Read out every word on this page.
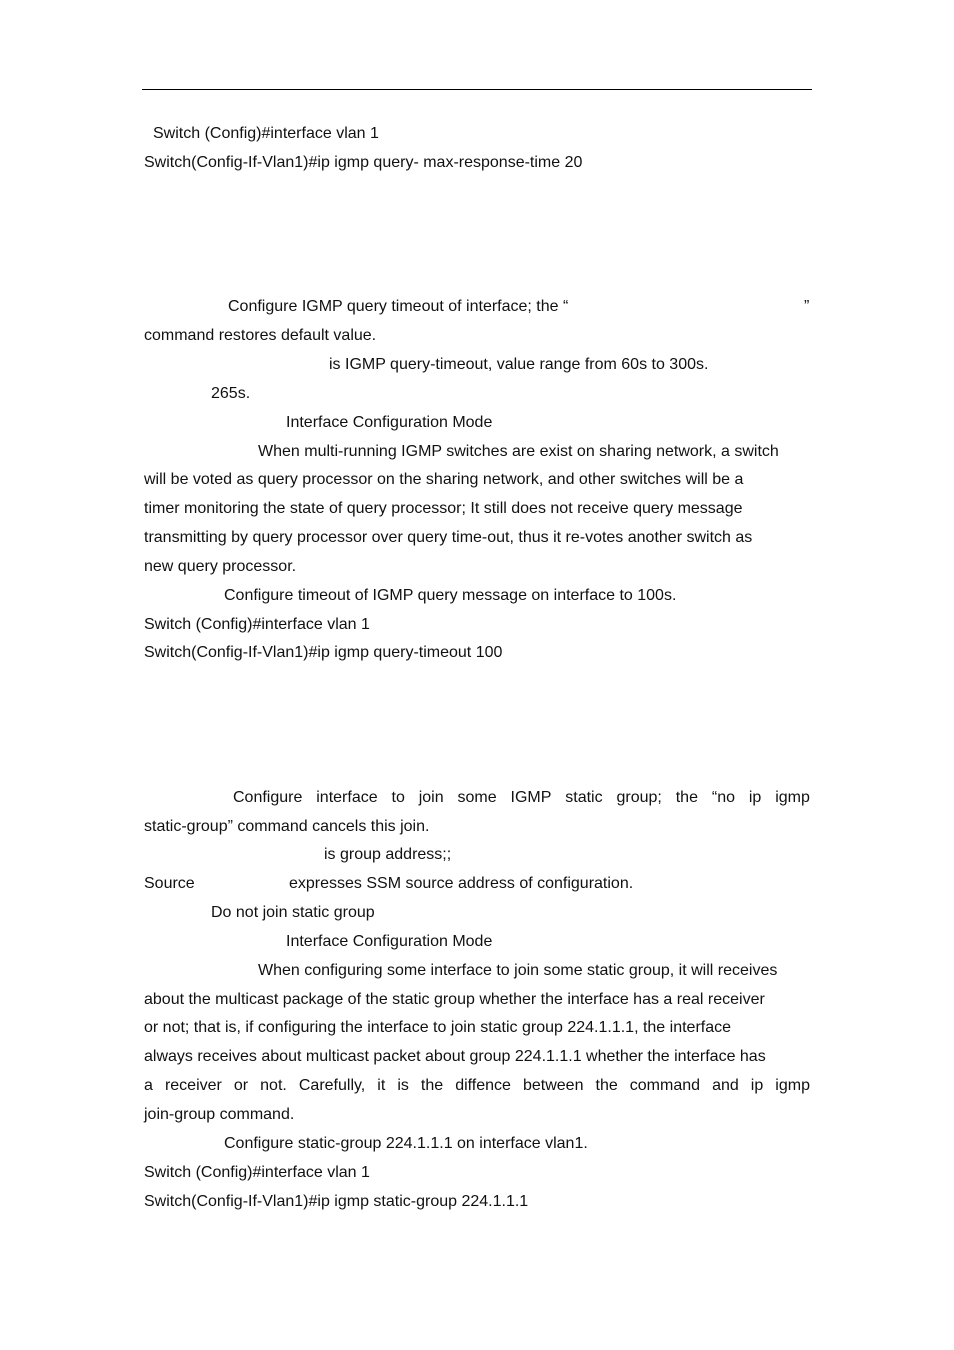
Switch (Config)#interface vlan 1
Switch(Config-If-Vlan1)#ip igmp query- max-response-time 20
Configure IGMP query timeout of interface; the “	”
command restores default value.
is IGMP query-timeout, value range from 60s to 300s.
265s.
Interface Configuration Mode
When multi-running IGMP switches are exist on sharing network, a switch
will be voted as query processor on the sharing network, and other switches will be a
timer monitoring the state of query processor; It still does not receive query message
transmitting by query processor over query time-out, thus it re-votes another switch as
new query processor.
Configure timeout of IGMP query message on interface to 100s.
Switch (Config)#interface vlan 1
Switch(Config-If-Vlan1)#ip igmp query-timeout 100
Configure interface to join some IGMP static group; the “no ip igmp
static-group” command cancels this join.
is group address;;
Source	expresses SSM source address of configuration.
Do not join static group
Interface Configuration Mode
When configuring some interface to join some static group, it will receives
about the multicast package of the static group whether the interface has a real receiver
or not; that is, if configuring the interface to join static group 224.1.1.1, the interface
always receives about multicast packet about group 224.1.1.1 whether the interface has
a receiver or not. Carefully, it is the diffence between the command and ip igmp
join-group command.
Configure static-group 224.1.1.1 on interface vlan1.
Switch (Config)#interface vlan 1
Switch(Config-If-Vlan1)#ip igmp static-group 224.1.1.1
